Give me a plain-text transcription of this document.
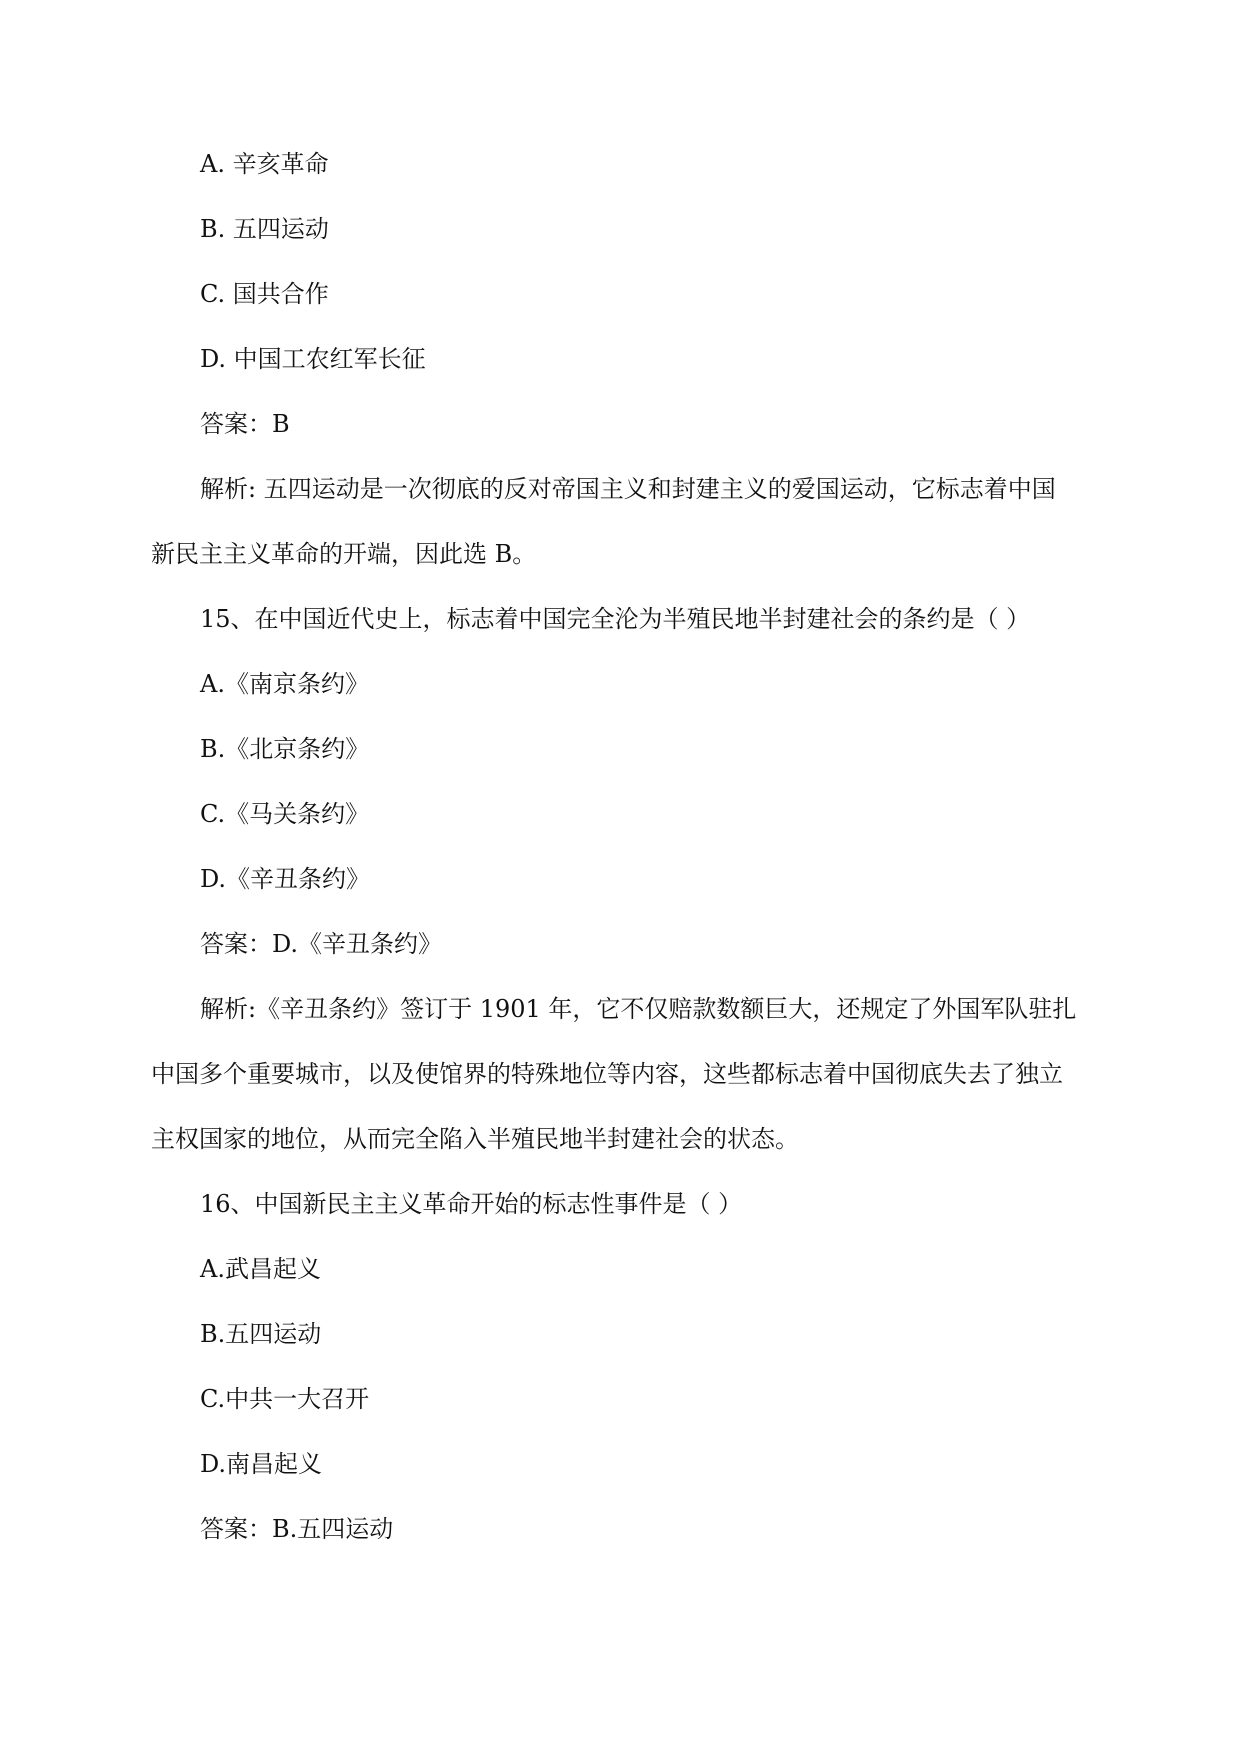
A. 辛亥革命
B. 五四运动
C. 国共合作
D. 中国工农红军长征
答案：B
解析: 五四运动是一次彻底的反对帝国主义和封建主义的爱国运动，它标志着中国
新民主主义革命的开端，因此选 B。
15、在中国近代史上，标志着中国完全沦为半殖民地半封建社会的条约是（ ）
A.《南京条约》
B.《北京条约》
C.《马关条约》
D.《辛丑条约》
答案：D.《辛丑条约》
解析:《辛丑条约》签订于 1901 年，它不仅赔款数额巨大，还规定了外国军队驻扎
中国多个重要城市，以及使馆界的特殊地位等内容，这些都标志着中国彻底失去了独立
主权国家的地位，从而完全陷入半殖民地半封建社会的状态。
16、中国新民主主义革命开始的标志性事件是（ ）
A.武昌起义
B.五四运动
C.中共一大召开
D.南昌起义
答案：B.五四运动
